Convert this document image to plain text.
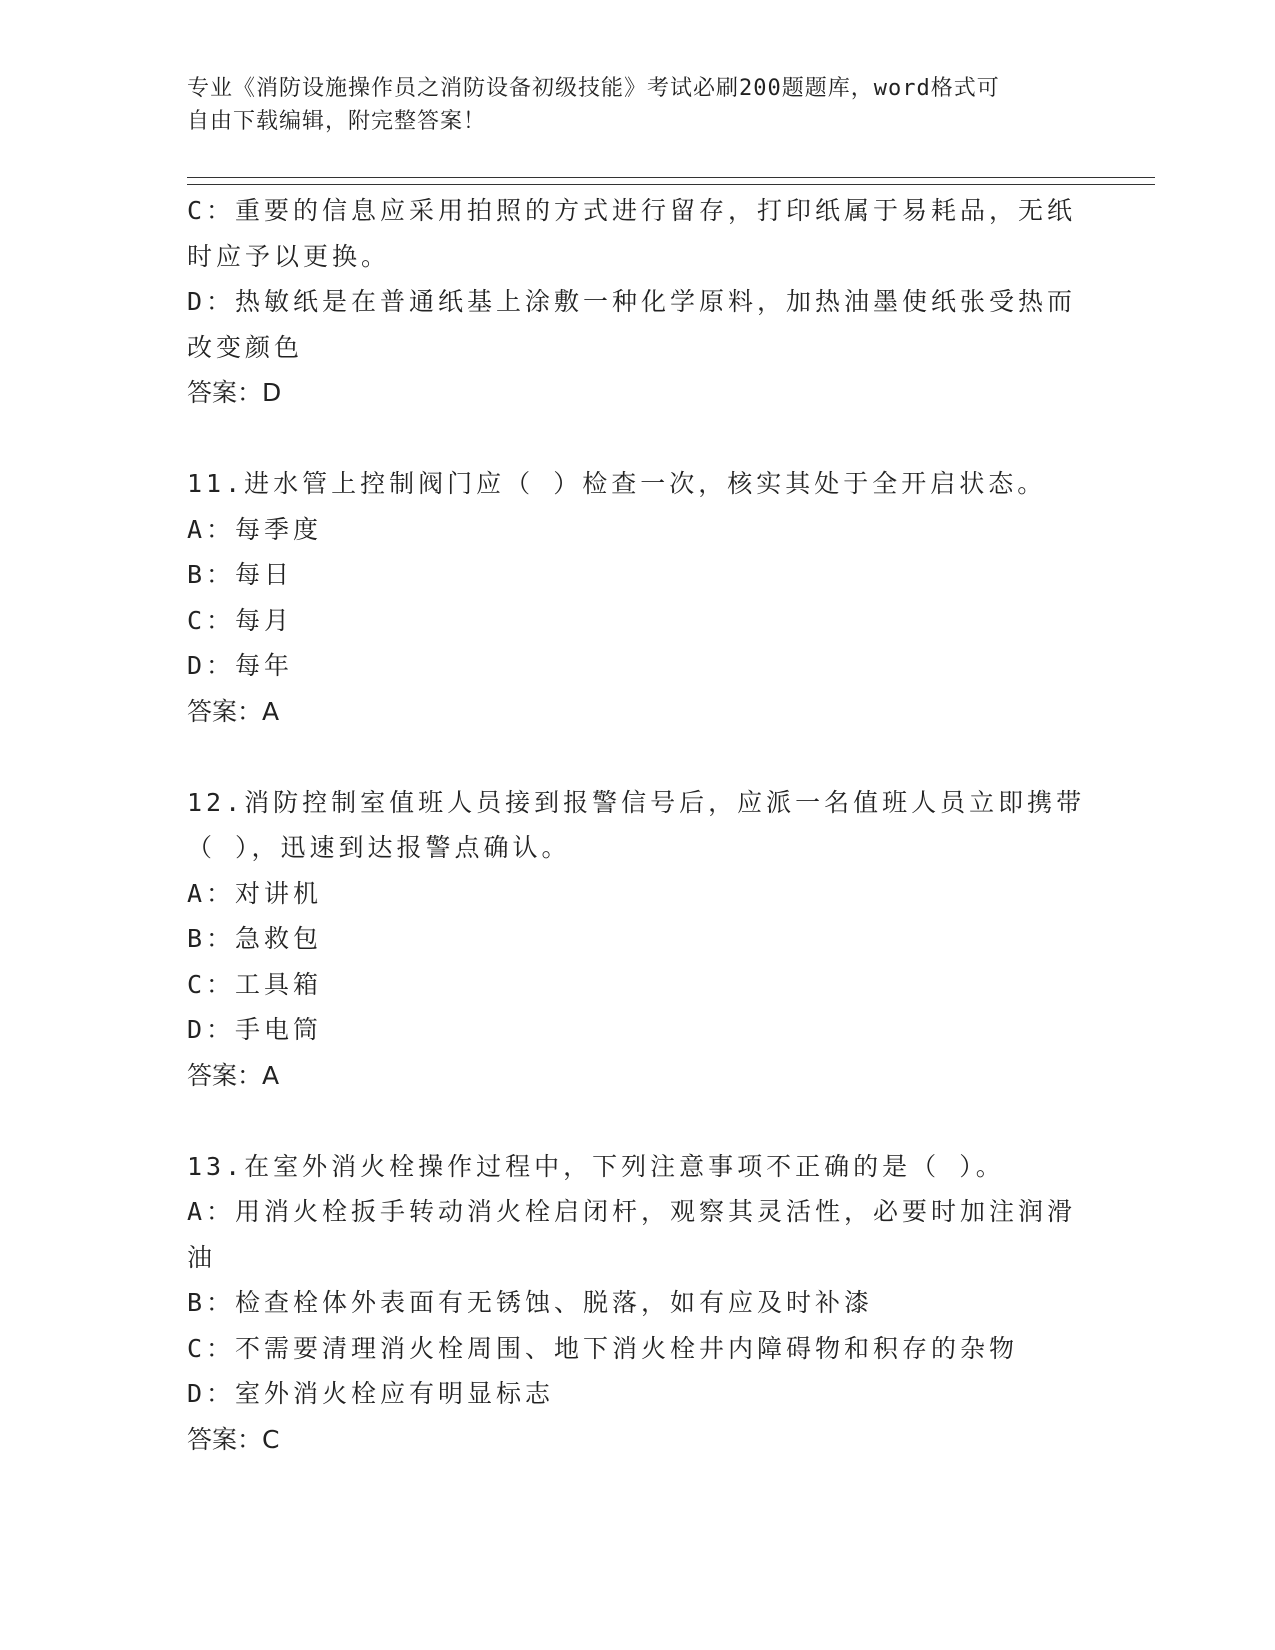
专业《消防设施操作员之消防设备初级技能》考试必刷200题题库，word格式可
自由下载编辑，附完整答案！
C：重要的信息应采用拍照的方式进行留存，打印纸属于易耗品，无纸
时应予以更换。
D：热敏纸是在普通纸基上涂敷一种化学原料，加热油墨使纸张受热而
改变颜色
答案：D
11.进水管上控制阀门应（ ）检查一次，核实其处于全开启状态。
A：每季度
B：每日
C：每月
D：每年
答案：A
12.消防控制室值班人员接到报警信号后，应派一名值班人员立即携带
（ ），迅速到达报警点确认。
A：对讲机
B：急救包
C：工具箱
D：手电筒
答案：A
13.在室外消火栓操作过程中，下列注意事项不正确的是（ ）。
A：用消火栓扳手转动消火栓启闭杆，观察其灵活性，必要时加注润滑
油
B：检查栓体外表面有无锈蚀、脱落，如有应及时补漆
C：不需要清理消火栓周围、地下消火栓井内障碍物和积存的杂物
D：室外消火栓应有明显标志
答案：C
